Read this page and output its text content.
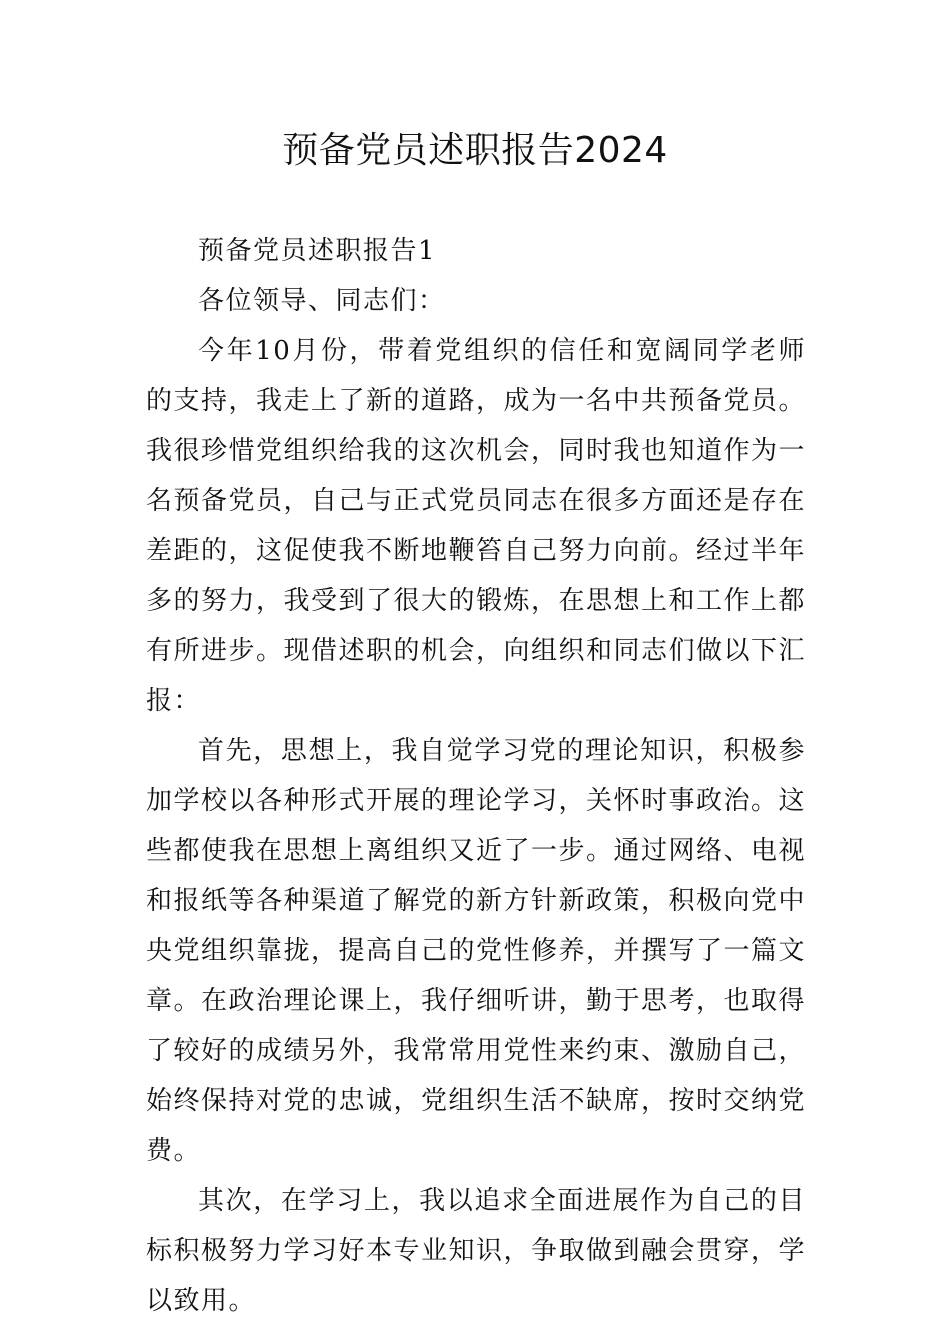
预备党员述职报告2024

预备党员述职报告1

各位领导、同志们：

今年10月份，带着党组织的信任和宽阔同学老师的支持，我走上了新的道路，成为一名中共预备党员。我很珍惜党组织给我的这次机会，同时我也知道作为一名预备党员，自己与正式党员同志在很多方面还是存在差距的，这促使我不断地鞭笞自己努力向前。经过半年多的努力，我受到了很大的锻炼，在思想上和工作上都有所进步。现借述职的机会，向组织和同志们做以下汇报：

首先，思想上，我自觉学习党的理论知识，积极参加学校以各种形式开展的理论学习，关怀时事政治。这些都使我在思想上离组织又近了一步。通过网络、电视和报纸等各种渠道了解党的新方针新政策，积极向党中央党组织靠拢，提高自己的党性修养，并撰写了一篇文章。在政治理论课上，我仔细听讲，勤于思考，也取得了较好的成绩另外，我常常用党性来约束、激励自己，始终保持对党的忠诚，党组织生活不缺席，按时交纳党费。

其次，在学习上，我以追求全面进展作为自己的目标积极努力学习好本专业知识，争取做到融会贯穿，学以致用。
